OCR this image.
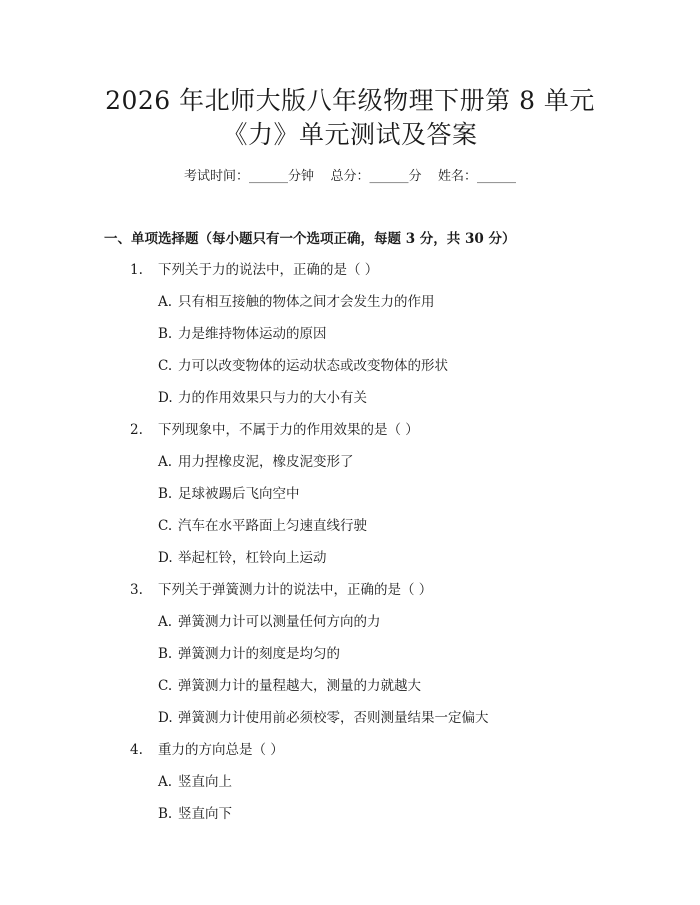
2026 年北师大版八年级物理下册第 8 单元
《力》单元测试及答案
考试时间：______分钟    总分：______分    姓名：______
一、单项选择题（每小题只有一个选项正确，每题 3 分，共 30 分）
1. 下列关于力的说法中，正确的是（ ）
A. 只有相互接触的物体之间才会发生力的作用
B. 力是维持物体运动的原因
C. 力可以改变物体的运动状态或改变物体的形状
D. 力的作用效果只与力的大小有关
2. 下列现象中，不属于力的作用效果的是（ ）
A. 用力捏橡皮泥，橡皮泥变形了
B. 足球被踢后飞向空中
C. 汽车在水平路面上匀速直线行驶
D. 举起杠铃，杠铃向上运动
3. 下列关于弹簧测力计的说法中，正确的是（ ）
A. 弹簧测力计可以测量任何方向的力
B. 弹簧测力计的刻度是均匀的
C. 弹簧测力计的量程越大，测量的力就越大
D. 弹簧测力计使用前必须校零，否则测量结果一定偏大
4. 重力的方向总是（ ）
A. 竖直向上
B. 竖直向下
